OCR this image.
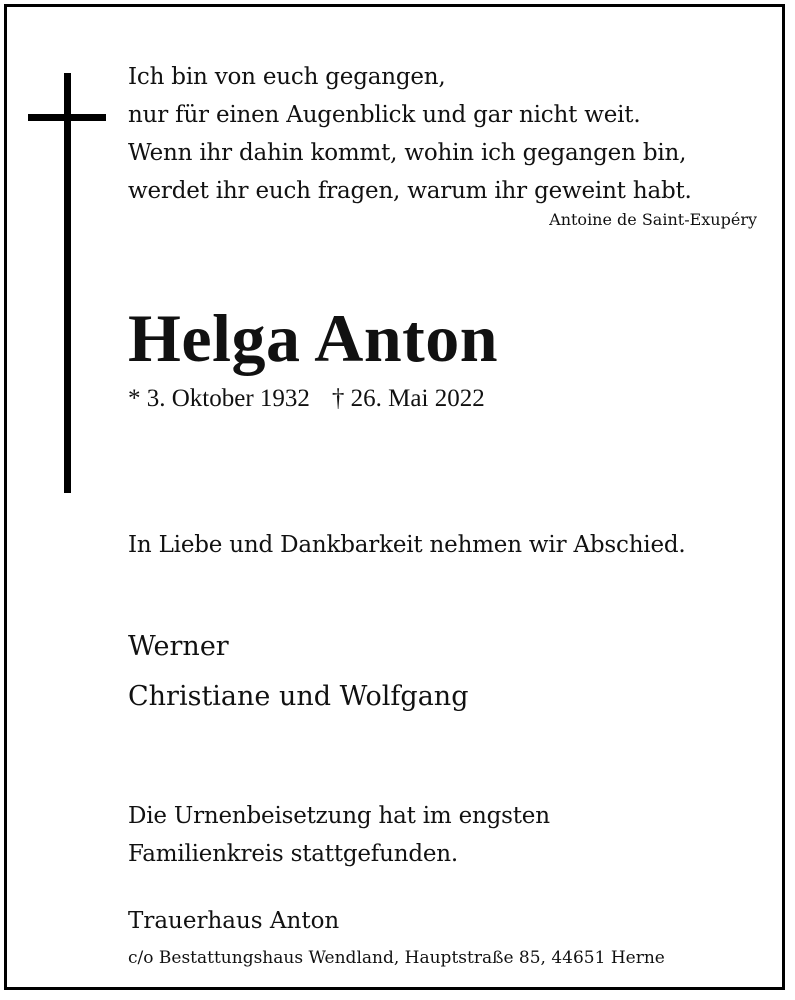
Ich bin von euch gegangen,
nur für einen Augenblick und gar nicht weit.
Wenn ihr dahin kommt, wohin ich gegangen bin,
werdet ihr euch fragen, warum ihr geweint habt.
Antoine de Saint-Exupéry
Helga Anton
* 3. Oktober 1932 † 26. Mai 2022
In Liebe und Dankbarkeit nehmen wir Abschied.
Werner
Christiane und Wolfgang
Die Urnenbeisetzung hat im engsten
Familienkreis stattgefunden.
Trauerhaus Anton
c/o Bestattungshaus Wendland, Hauptstraße 85, 44651 Herne
